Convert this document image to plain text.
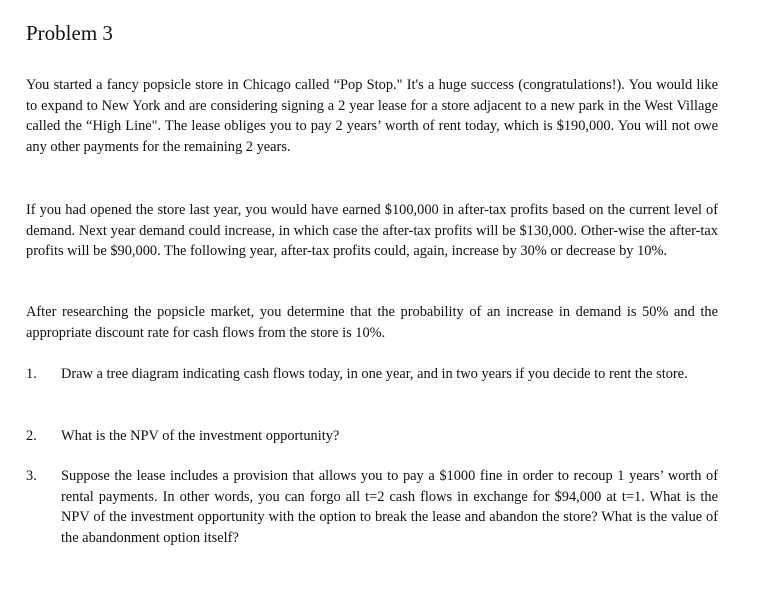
Problem 3

You started a fancy popsicle store in Chicago called “Pop Stop." It's a huge success (congratulations!). You would like to expand to New York and are considering signing a 2 year lease for a store adjacent to a new park in the West Village called the “High Line". The lease obliges you to pay 2 years’ worth of rent today, which is $190,000. You will not owe any other payments for the remaining 2 years.

If you had opened the store last year, you would have earned $100,000 in after-tax profits based on the current level of demand. Next year demand could increase, in which case the after-tax profits will be $130,000. Other-wise the after-tax profits will be $90,000. The following year, after-tax profits could, again, increase by 30% or decrease by 10%.

After researching the popsicle market, you determine that the probability of an increase in demand is 50% and the appropriate discount rate for cash flows from the store is 10%.

1.	Draw a tree diagram indicating cash flows today, in one year, and in two years if you decide to rent the store.
2.	What is the NPV of the investment opportunity?
3.	Suppose the lease includes a provision that allows you to pay a $1000 fine in order to recoup 1 years’ worth of rental payments. In other words, you can forgo all t=2 cash flows in exchange for $94,000 at t=1. What is the NPV of the investment opportunity with the option to break the lease and abandon the store? What is the value of the abandonment option itself?
